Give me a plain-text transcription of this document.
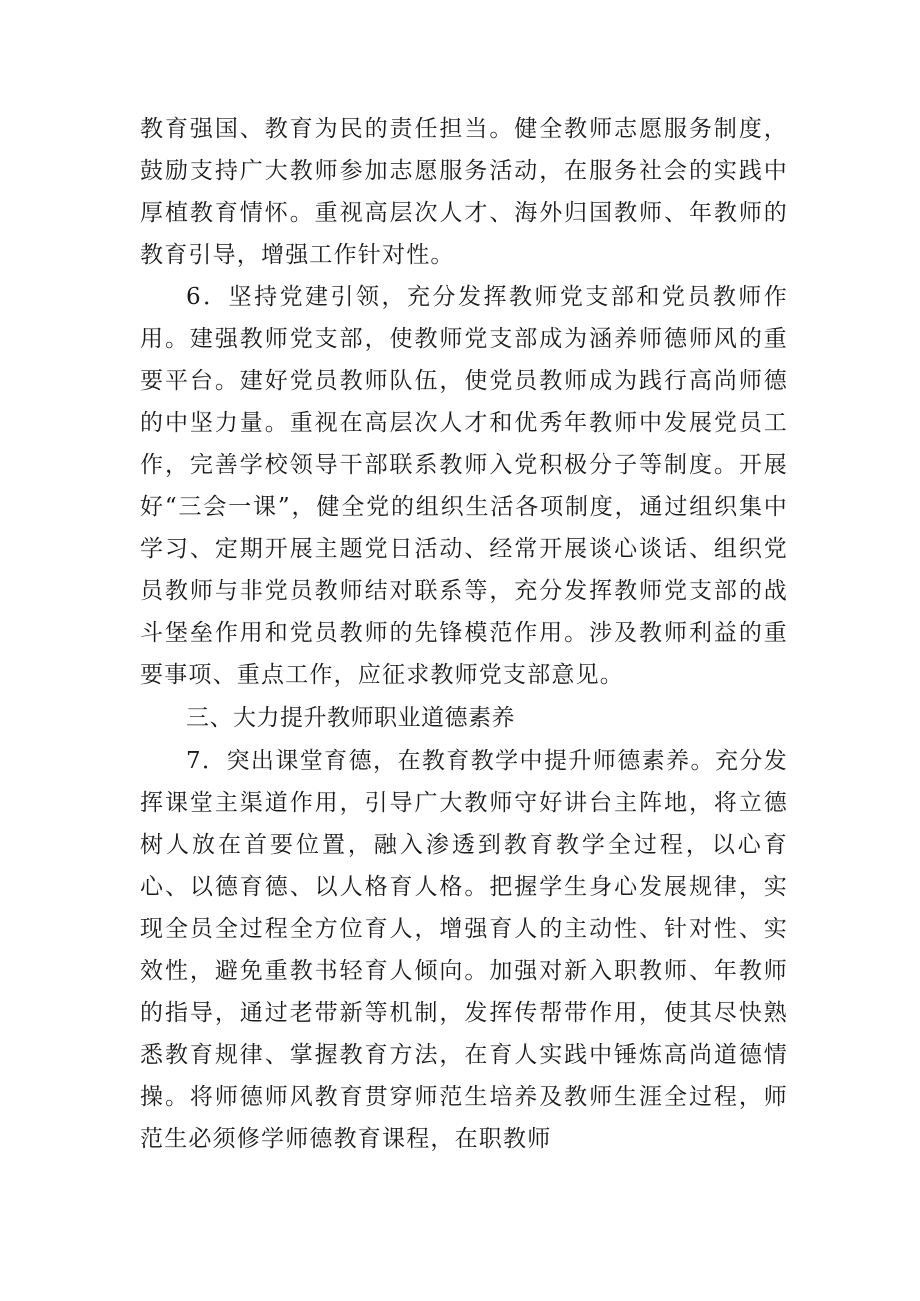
教育强国、教育为民的责任担当。健全教师志愿服务制度，鼓励支持广大教师参加志愿服务活动，在服务社会的实践中厚植教育情怀。重视高层次人才、海外归国教师、年教师的教育引导，增强工作针对性。

6．坚持党建引领，充分发挥教师党支部和党员教师作用。建强教师党支部，使教师党支部成为涵养师德师风的重要平台。建好党员教师队伍，使党员教师成为践行高尚师德的中坚力量。重视在高层次人才和优秀年教师中发展党员工作，完善学校领导干部联系教师入党积极分子等制度。开展好“三会一课”，健全党的组织生活各项制度，通过组织集中学习、定期开展主题党日活动、经常开展谈心谈话、组织党员教师与非党员教师结对联系等，充分发挥教师党支部的战斗堡垒作用和党员教师的先锋模范作用。涉及教师利益的重要事项、重点工作，应征求教师党支部意见。

三、大力提升教师职业道德素养

7．突出课堂育德，在教育教学中提升师德素养。充分发挥课堂主渠道作用，引导广大教师守好讲台主阵地，将立德树人放在首要位置，融入渗透到教育教学全过程，以心育心、以德育德、以人格育人格。把握学生身心发展规律，实现全员全过程全方位育人，增强育人的主动性、针对性、实效性，避免重教书轻育人倾向。加强对新入职教师、年教师的指导，通过老带新等机制，发挥传帮带作用，使其尽快熟悉教育规律、掌握教育方法，在育人实践中锤炼高尚道德情操。将师德师风教育贯穿师范生培养及教师生涯全过程，师范生必须修学师德教育课程，在职教师
